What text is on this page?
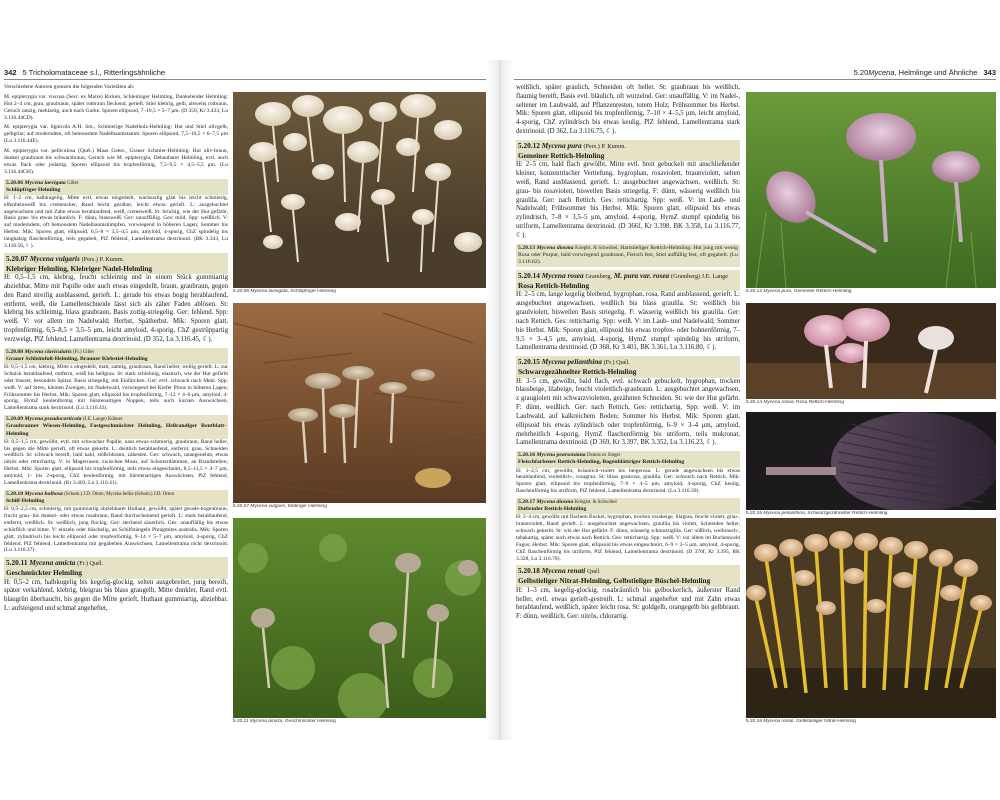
342 5 Tricholomataceae s.l., Ritterlingsähnliche	5.20 Mycena , Helmlinge und Ähnliche 343

Verschiedene Autoren grenzen die folgenden Varietäten ab:

M. epipterygia var. viscosa (Secr. ex Maire) Ricken, Schleimiger Helmling, Dunkelender Helmling: Hut 2–4 cm, grau, graubraun, später rotbraun fleckend, gerieft. Stiel klebrig, gelb, alsweits rotbraun, Geruch ranzig, mehlartig, auch nach Gurke. Sporen ellipsoid, 7–10,5 × 5–7 μm. (D 350, Kr 3.433, Lu 3.116.44CD).

M. epipterygia var. lignicola A.H. Sm., Schmierige Nadelholz-Helmling: Hut und Stiel olivgelb, gelbgrün; auf moderndem, oft bemoostem Nadelbaumstamm. Sporen ellipsoid, 7,5–10,5 × 6–7,5 μm (Lu 3.116.44E).

M. epipterygia var. pelliculosa (Quél.) Maas Geest., Grauer Schmier-Helmling: Hut oliv-braun, dunkel graubraun bis schwarzbraun, Geruch wie M. epipterygia, Dehaubarer Helmling, evtl. auch etwas flach oder jodartig. Sporen ellipsoid bis tropfenförmig, 7,5–9,5 × 4,5–5,5 μm. (Lu 3.116.44GH).

5.20.06 Mycena laevigata Gillet
Schlüpfriger Helmling

H: 1–2 cm, halbkugelig, Mitte evtl. etwas eingedellt, wachsartig glatt bis leicht schmierig, elfenbeinweiß bis cremeocker, Rand leicht gezähnt, leicht etwas gerieft. L: ausgebuchtet angewachsen und mit Zahn etwas herablaufend, weiß, cremeweiß. St: brüchig, wie der Hut gefärbt, Basis grau- bis etwas bräunlich. F: dünn, blassweiß. Ger: unauffällig. Ges: mild. Spp: weißlich. V: auf moderndem, oft bemoostem Nadelbaumstümpfen, vorwiegend in höheren Lagen; Sommer bis Herbst. Mik: Sporen glatt, ellipsoid, 6,5–8 × 3,5–4,5 μm, amyloid, 4-sporig, ChZ spindelig bis langhalsig flaschenförmig, teils gegabelt, PlZ fehlend, Lamellentrama dextrinoid. (BK 3.343, Lu 3.116.56, ☾).

5.20.07 Mycena vulgaris (Pers.) P. Kumm.
Klebriger Helmling, Klebriger Nadel-Helmling

H: 0,5–1,5 cm, klebrig, feucht schleimig und in einem Stück gummiartig abziehbar, Mitte mit Papille oder auch etwas eingedellt, braun, graubraun, gegen den Rand streifig ausblassend, gerieft. L: gerade bis etwas bogig herablaufend, entfernt, weiß, die Lamellenschneide lässt sich als zäher Faden ablösen. St: klebrig bis schleimig, blass graubraun, Basis zottig-striegelig. Ger: fehlend. Spp: weiß. V: vor allem im Nadelwald; Herbst, Spätherbst. Mik: Sporen glatt, tropfenförmig, 6,5–8,5 × 3,5–5 μm, leicht amyloid, 4-sporig, ChZ gestrüppartig verzweigt, PlZ fehlend, Lamellentrama dextrinoid. (D 352, Lu 3.116.45, ☾).

5.20.08 Mycena clavicularis (Fr.) Gillet
Grauer Schleimfuß-Helmling, Brauner Klebstiel-Helmling

H: 0,5–1,5 cm, klebrig, Mitte z eingedellt, matt, samtig, graubraun, Rand heller, wellig gerieft. L: zur Schnick herablaufend, entfernt, weiß bis hellgrau. St: stark schleimig, elastisch, wie der Hut gefärbt oder blasser, besonders Spitze, Basis striegelig, mit Einfärchen. Ger: evtl. schwach nach Mehl. Spp: weiß. V: auf Streu, kleinen Zweigen, im Nadelwald, vorwiegend bei Kiefer Pinus in höheren Lagen; Frühsommer bis Herbst. Mik: Sporen glatt, ellipsoid bis tropfenförmig, 7–12 × 4–6 μm, amyloid, 4-sporig, HymZ keulenförmig mit bürstenartigen Noppen, teils auch kurzen Auswüchsen, Lamellentrama stark dextrinoid. (Lu 3.116.43).

5.20.09 Mycena pseudocorticola (J.E. Lange) Kühner
Graubrauner Wiesen-Helmling, Fastgeschmückter Helmling, Hellrandiger Rentblatt-Helmling

H: 0,5–1,5 cm, gewölbt, evtl. mit schwacher Papille, nass etwas schmierig, graubraun, Rand heller, bis gegen die Mitte gerieft, oft etwas gekerbt. L: deutlich herablaufend, entfernt, grau, Schneiden weißlich. St: schwach bereift, bald kahl, stößchbraun, zähesten. Ger: schwach, unangenehm, etwas nitrös oder rettichartig. V: in Magerrasen, zwischen Moos, auf Schotterdämmen, an Brandstellen; Herbst. Mik: Sporen glatt, ellipsoid bis tropfenförmig, teils etwas eingeschnürt, 8,5–11,5 × 4–7 μm, amyloid, 1- bis 2-sporig, ChZ keulenförmig, mit bürstenartigen Auswüchsen, PlZ fehlend, Lamellentrama dextrinoid. (Kr 3.403, Lu 3.116.41).

5.20.10 Mycena bulbosa (Schum.) J.D. Orton, Mycena bellia (Schum.) J.D. Orton
Schilf-Helmling

H: 0,5–2,5 cm, schmierig, mit gummiartig abziehbarer Huthaut, gewölbt, später gerade-bogenbraun, frucht grau- bis dunkel- oder etwas rosabraun, Rand durchscheinend gerieft. L: stark herablaufend, entfernt, weißlich. St: weißlich, jung flockig, Ger: stechend säuerlich. Ges: unauffällig bis etwas schärflich und bitter. V: einzeln oder büschelig, an Schilfstängeln Phragmites australis. Mik: Sporen glatt, zylindrisch bis leicht ellipsoid oder tropfenförmig, 9–14 × 5–7 μm, amyloid, 4-sporig, ChZ fehlend, PlZ fehlend, Lamellentrama mit gegabelten Auswüchsen, Lamellentrama nicht dextrinoid. (Lu 3.116.37).

5.20.11 Mycena amicta (Fr.) Quél.
Geschmückter Helmling

H: 0,5–2 cm, halbkugelig bis kegelig-glockig, selten ausgebreitet, jung bereift, später verkahlend, klebrig, bleigrau bis blass graugelb, Mitte dunkler, Rand evtl. blaugrün überhaucht, bis gegen die Mitte gerieft, Huthaut gummiartig, abziehbar. L: aufsteigend und schmal angeheftet,

weißlich, später graulich, Schneiden oft heller. St: graubraun bis weißlich, flaumig bereift, Basis evtl. bläulich, oft wurzelnd. Ger: unauffällig. V: im Nadel-, seltener im Laubwald, auf Pflanzenresten, totem Holz; Frühsommer bis Herbst. Mik: Sporen glatt, ellipsoid bis tropfenförmig, 7–10 × 4–5,5 μm, leicht amyloid, 4-sporig, ChZ zylindrisch bis etwas keulig, PlZ fehlend, Lamellentrama stark dextrinoid. (D 362, Lu 3.116.75, ☾).

5.20.12 Mycena pura (Pers.) P. Kumm.
Gemeiner Rettich-Helmling

H: 2–5 cm, bald flach gewölbt, Mitte evtl. breit gebuckelt mit anschließender kleiner, konzentrischer Vertiefung, hygrophan, rosaviolett, braunviolett, selten weiß, Rand ausblassend, gerieft. L: ausgebuchtet angewachsen, weißlich. St: grau- bis rosaviolett, bisweilen Basis striegelig. F: dünn, wässerig weißlich bis graulila. Ger: nach Rettich. Ges: rettichartig. Spp: weiß. V: im Laub- und Nadelwald; Frühsommer bis Herbst. Mik: Sporen glatt, ellipsoid bis etwas zylindrisch, 7–8 × 3,5–5 μm, amyloid, 4-sporig, HymZ stumpf spindelig bis utriform, Lamellentrama dextrinoid. (D 366f, Kr 3.398, BK 3.358, Lu 3.116.77, ☾).

5.20.13 Mycena diosma Krieglst. & Schwöbel, Hartstieliger Rettich-Helmling: Hut jung mit wenig Rosa oder Purpur, bald vorwiegend graubraun, Fleisch fest, Stiel auffällig fest, oft gegabelt. (Lu 3.116.62).
5.20.14 Mycena rosea Gramberg, M. pura var. rosea (Gramberg) J.E. Lange
Rosa Rettich-Helmling

H: 2–5 cm, lange kegelig bleibend, hygrophan, rosa, Rand ausblassend, gerieft. L: ausgebuchtet angewachsen, weißlich bis blass graulila. St: weißlich bis graulviolett, bisweilen Basis striegelig. F: wässerig weißlich bis graulila. Ger: nach Rettich. Ges: rettichartig. Spp: weiß. V: im Laub- und Nadelwald; Sommer bis Herbst. Mik: Sporen glatt, ellipsoid bis etwas tropfen- oder bohnenförmig, 7–9,5 × 3–4,5 μm, amyloid, 4-sporig, HymZ stumpf spindelig bis utriform, Lamellentrama dextrinoid. (D 368, Kr 3.401, BK 3.361, Lu 3.116.80, ☾).

5.20.15 Mycena pelianthina (Fr.) Quél.
Schwarzgezähnelter Rettich-Helmling

H: 3–5 cm, gewölbt, bald flach, evtl. schwach gebuckelt, hygrophan, trocken blassbeige, lilabeige, feucht violettlich-graubraun. L: ausgebuchtet angewachsen, z graugiolett mit schwarzvioletten, gezähnten Schneiden. St: wie der Hut gefärbt. F: dünn, weißlich. Ger: nach Rettich. Ges: rettichartig. Spp: weiß. V: im Laubwald, auf kalkreichem Boden; Sommer bis Herbst. Mik: Sporen glatt, ellipsoid bis etwas zylindrisch oder tropfenförmig, 6–9 × 3–4 μm, amyloid, mehrheitlich 4-sporig, HymZ flaschenförmig bis utriform, teils mukronat, Lamellentrama dextrinoid. (D 369, Kr 3.397, BK 3.352, Lu 3.116.23, ☾).

5.20.16 Mycena pearsoniana Dennis ex Singer
Fleischfarbener Rettich-Helmling, Bogenblättriger Rettich-Helmling

H: 1–2,5 cm, gewölbt, bräunlich-violett bis beigerosa. L: gerade angewachsen bis etwas herablaufend, violettlich-, rosagrau. St: blass graurosa, graulila. Ger: schwach nach Rettich. Mik: Sporen glatt, ellipsoid bis tropfenförmig, 7–9 × 4–5 μm, amyloid, 4-sporig, ChZ keulig, flaschenförmig bis utriform, PlZ fehlend, Lamellentrama dextrinoid. (Lu 3.116.39).

5.20.17 Mycena diosma Krieglst. & Schwöbel
Duftender Rettich-Helmling

H: 2–4 cm, gewölbt mit flachem Buckel, hygrophan, trocken rosabeige, lilagrau, feucht violett, grau-, braunviolett, Rand gerieft. L: ausgebuchtet angewachsen, graulila bis violett, Schneiden heller, schwach gekerbt. St: wie der Hut gefärbt. F: dünn, wässerig schmutziglila. Ger: süßlich, weihrauch-, tabakartig, später auch etwas nach Rettich. Ges: rettichartig. Spp: weiß. V: vor allem im Buchenwald Fagus; Herbst. Mik: Sporen glatt, ellipsoid bis etwas eingeschnürt, 6–9 × 3–5 μm, amyloid, 4-sporig, ChZ flaschenförmig bis utriform, PlZ fehlend, Lamellentrama dextrinoid. (D 370f, Kr 3.395, BK 3.328, Lu 3.116.78).

5.20.18 Mycena renati Quél.
Gelbstieliger Nitrat-Helmling, Gelbstieliger Büschel-Helmling

H: 1–3 cm, kegelig-glockig, rosabräunlich bis gelbockerlich, äußerster Rand heller, evtl. etwas gerieft-gestreift. L: schmal angeheftet und mit Zahn etwas herablaufend, weißlich, später leicht rosa. St: goldgelb, orangegelb bis gelbbraun. F: dünn, weißlich. Ger: nitrös, chlorartig.

5.20.06 Mycena laevigata, Schlüpfriger Helmling
5.20.07 Mycena vulgaris, Klebriger Helmling
5.20.11 Mycena amicta, Geschmückter Helmling
5.20.12 Mycena pura, Gemeiner Rettich-Helmling
5.20.14 Mycena rosea, Rosa Rettich-Helmling
5.20.15 Mycena pelianthina, Schwarzgezähnelter Rettich-Helmling
5.20.18 Mycena renati, Gelbstieliger Nitrat-Helmling
